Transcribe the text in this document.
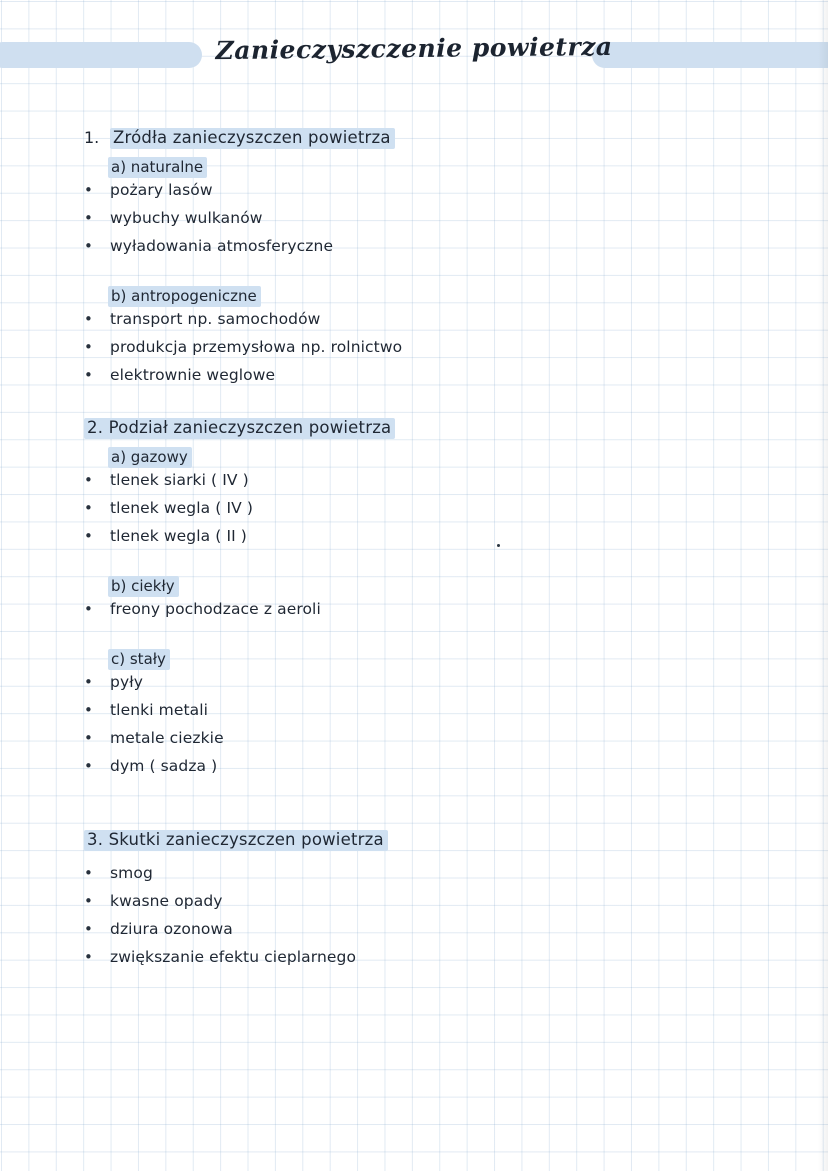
Zanieczyszczenie powietrza
1. Zródła zanieczyszczen powietrza
a) naturalne
•	pożary lasów
•	wybuchy wulkanów
•	wyładowania atmosferyczne
b) antropogeniczne
•	transport np. samochodów
•	produkcja przemysłowa np. rolnictwo
•	elektrownie weglowe
2. Podział zanieczyszczen powietrza
a) gazowy
•	tlenek siarki ( IV )
•	tlenek wegla ( IV )
•	tlenek wegla ( II )
b) ciekły
•	freony pochodzace z aeroli
c) stały
•	pyły
•	tlenki metali
•	metale ciezkie
•	dym ( sadza )
3. Skutki zanieczyszczen powietrza
•	smog
•	kwasne opady
•	dziura ozonowa
•	zwiększanie efektu cieplarnego
